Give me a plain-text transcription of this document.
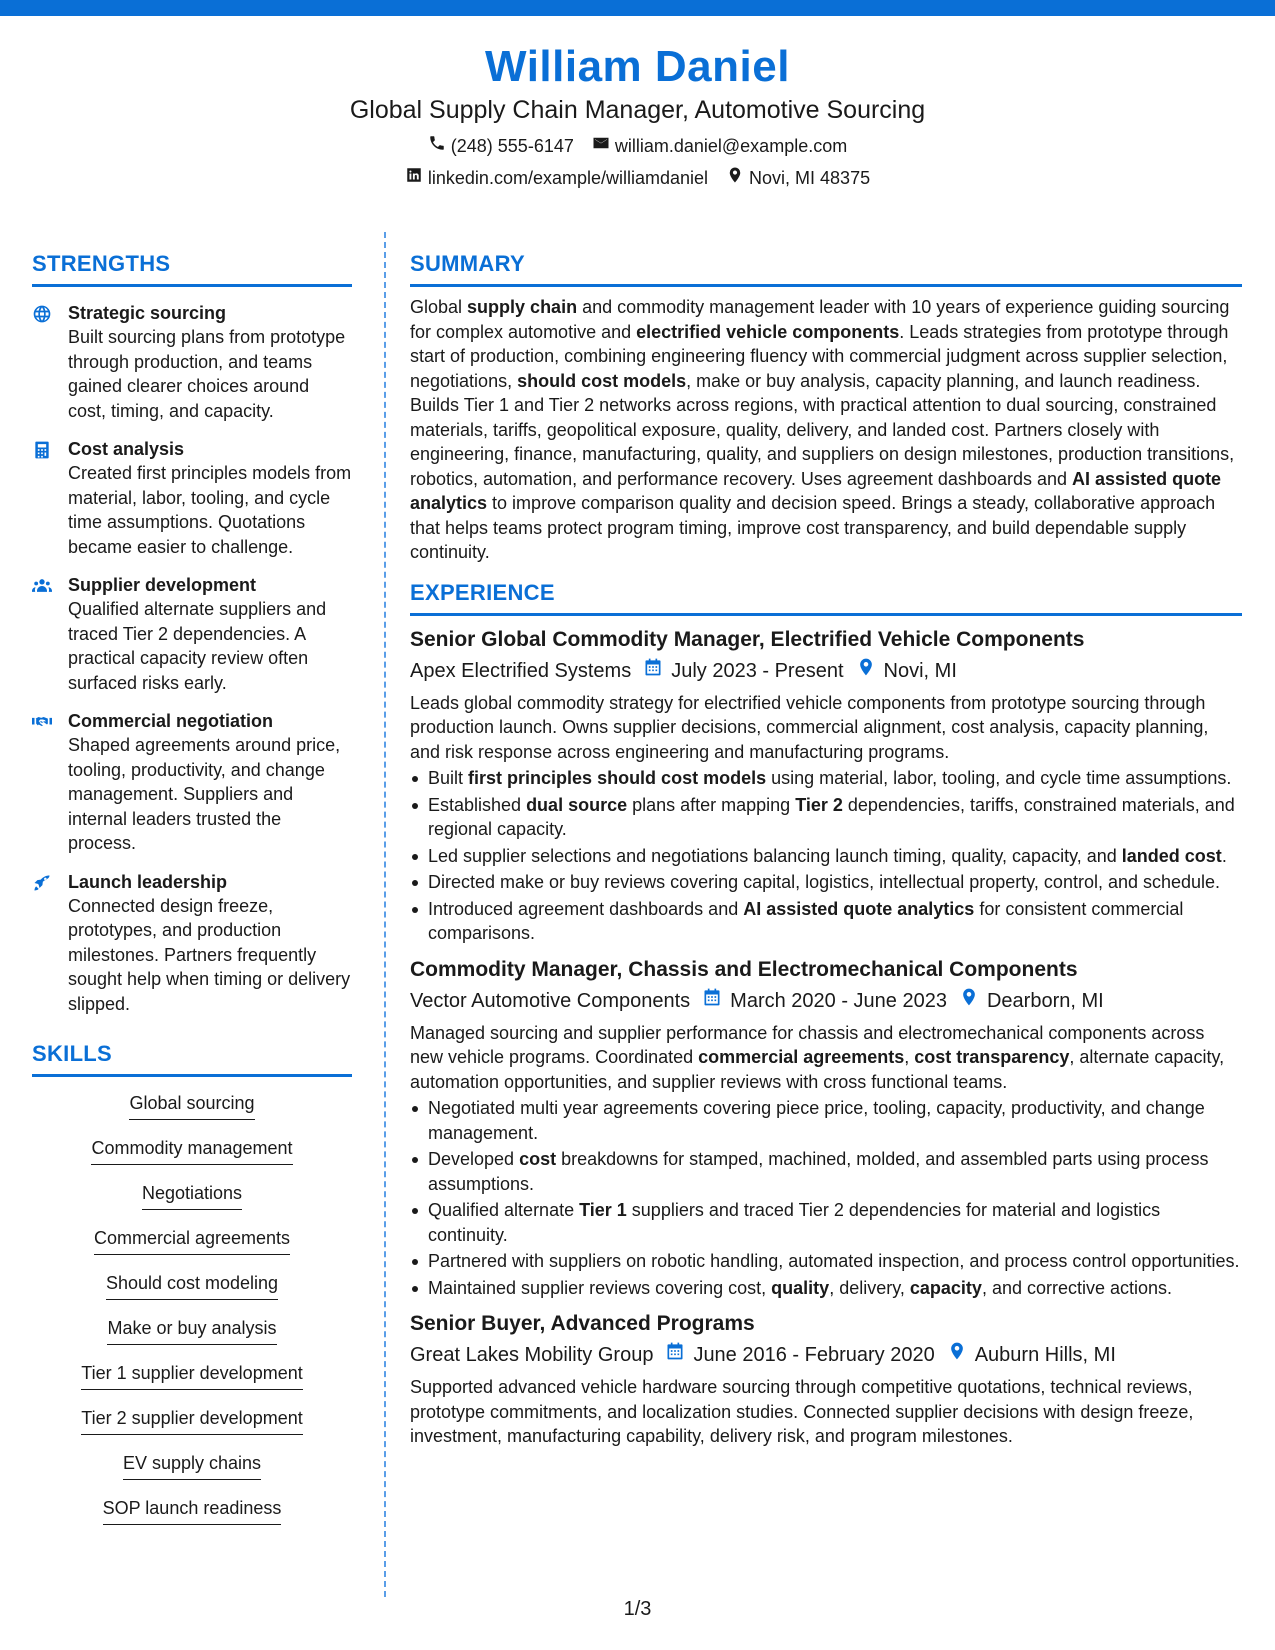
William Daniel
Global Supply Chain Manager, Automotive Sourcing
(248) 555-6147 william.daniel@example.com
linkedin.com/example/williamdaniel Novi, MI 48375
STRENGTHS
Strategic sourcing
Built sourcing plans from prototype through production, and teams gained clearer choices around cost, timing, and capacity.
Cost analysis
Created first principles models from material, labor, tooling, and cycle time assumptions. Quotations became easier to challenge.
Supplier development
Qualified alternate suppliers and traced Tier 2 dependencies. A practical capacity review often surfaced risks early.
Commercial negotiation
Shaped agreements around price, tooling, productivity, and change management. Suppliers and internal leaders trusted the process.
Launch leadership
Connected design freeze, prototypes, and production milestones. Partners frequently sought help when timing or delivery slipped.
SKILLS
Global sourcing
Commodity management
Negotiations
Commercial agreements
Should cost modeling
Make or buy analysis
Tier 1 supplier development
Tier 2 supplier development
EV supply chains
SOP launch readiness
SUMMARY
Global supply chain and commodity management leader with 10 years of experience guiding sourcing for complex automotive and electrified vehicle components. Leads strategies from prototype through start of production, combining engineering fluency with commercial judgment across supplier selection, negotiations, should cost models, make or buy analysis, capacity planning, and launch readiness. Builds Tier 1 and Tier 2 networks across regions, with practical attention to dual sourcing, constrained materials, tariffs, geopolitical exposure, quality, delivery, and landed cost. Partners closely with engineering, finance, manufacturing, quality, and suppliers on design milestones, production transitions, robotics, automation, and performance recovery. Uses agreement dashboards and AI assisted quote analytics to improve comparison quality and decision speed. Brings a steady, collaborative approach that helps teams protect program timing, improve cost transparency, and build dependable supply continuity.
EXPERIENCE
Senior Global Commodity Manager, Electrified Vehicle Components
Apex Electrified Systems July 2023 - Present Novi, MI
Leads global commodity strategy for electrified vehicle components from prototype sourcing through production launch. Owns supplier decisions, commercial alignment, cost analysis, capacity planning, and risk response across engineering and manufacturing programs.
Built first principles should cost models using material, labor, tooling, and cycle time assumptions.
Established dual source plans after mapping Tier 2 dependencies, tariffs, constrained materials, and regional capacity.
Led supplier selections and negotiations balancing launch timing, quality, capacity, and landed cost.
Directed make or buy reviews covering capital, logistics, intellectual property, control, and schedule.
Introduced agreement dashboards and AI assisted quote analytics for consistent commercial comparisons.
Commodity Manager, Chassis and Electromechanical Components
Vector Automotive Components March 2020 - June 2023 Dearborn, MI
Managed sourcing and supplier performance for chassis and electromechanical components across new vehicle programs. Coordinated commercial agreements, cost transparency, alternate capacity, automation opportunities, and supplier reviews with cross functional teams.
Negotiated multi year agreements covering piece price, tooling, capacity, productivity, and change management.
Developed cost breakdowns for stamped, machined, molded, and assembled parts using process assumptions.
Qualified alternate Tier 1 suppliers and traced Tier 2 dependencies for material and logistics continuity.
Partnered with suppliers on robotic handling, automated inspection, and process control opportunities.
Maintained supplier reviews covering cost, quality, delivery, capacity, and corrective actions.
Senior Buyer, Advanced Programs
Great Lakes Mobility Group June 2016 - February 2020 Auburn Hills, MI
Supported advanced vehicle hardware sourcing through competitive quotations, technical reviews, prototype commitments, and localization studies. Connected supplier decisions with design freeze, investment, manufacturing capability, delivery risk, and program milestones.
1/3
